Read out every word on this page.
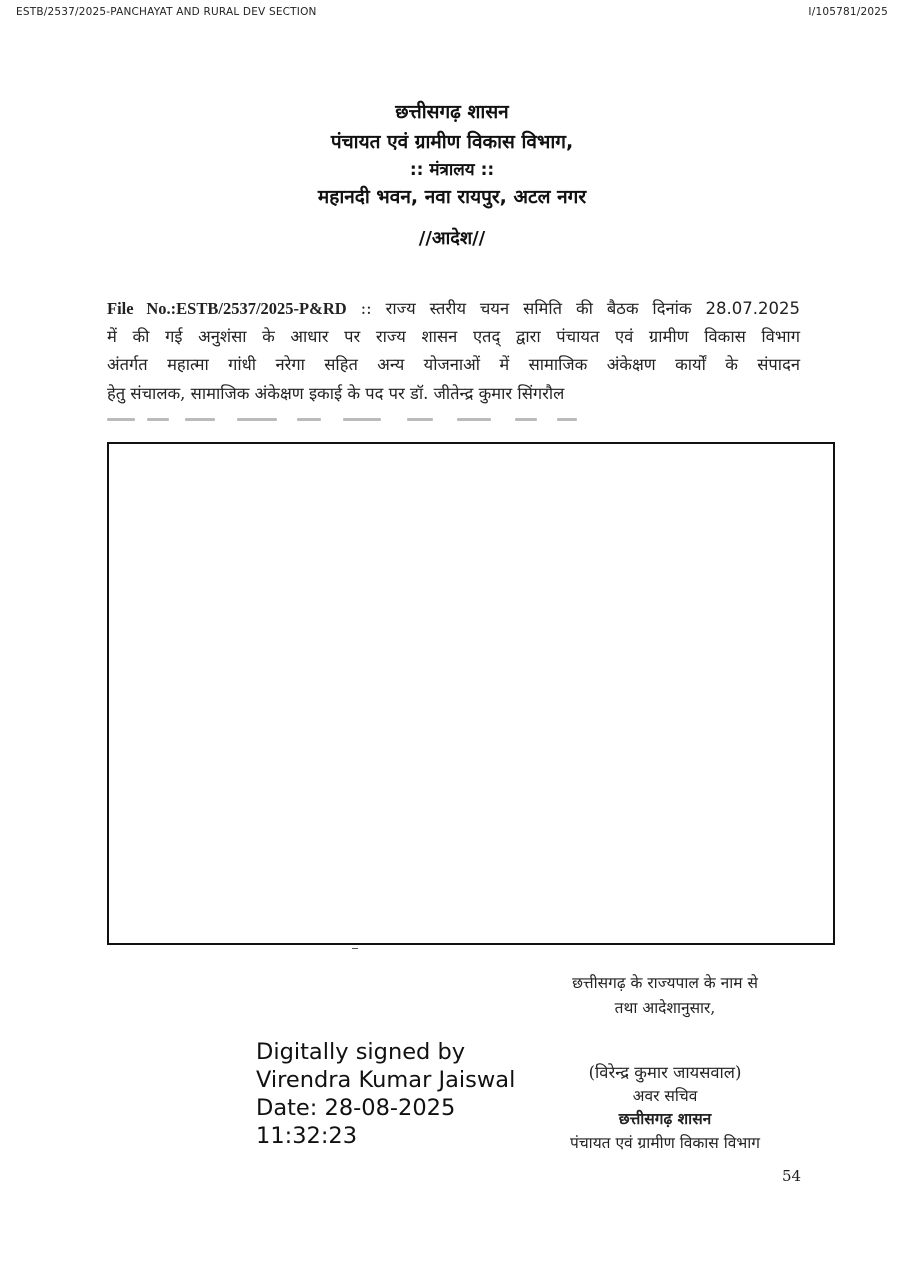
ESTB/2537/2025-PANCHAYAT AND RURAL DEV SECTION	I/105781/2025
छत्तीसगढ़ शासन
पंचायत एवं ग्रामीण विकास विभाग,
:: मंत्रालय ::
महानदी भवन, नवा रायपुर, अटल नगर
//आदेश//
File No.:ESTB/2537/2025-P&RD :: राज्य स्तरीय चयन समिति की बैठक दिनांक 28.07.2025
में की गई अनुशंसा के आधार पर राज्य शासन एतद् द्वारा पंचायत एवं ग्रामीण विकास विभाग
अंतर्गत महात्मा गांधी नरेगा सहित अन्य योजनाओं में सामाजिक अंकेक्षण कार्यों के संपादन
हेतु संचालक, सामाजिक अंकेक्षण इकाई के पद पर डॉ. जीतेन्द्र कुमार सिंगरौल
छत्तीसगढ़ के राज्यपाल के नाम से
तथा आदेशानुसार,
Digitally signed by
Virendra Kumar Jaiswal
Date: 28-08-2025
11:32:23
(विरेन्द्र कुमार जायसवाल)
अवर सचिव
छत्तीसगढ़ शासन
पंचायत एवं ग्रामीण विकास विभाग
54
